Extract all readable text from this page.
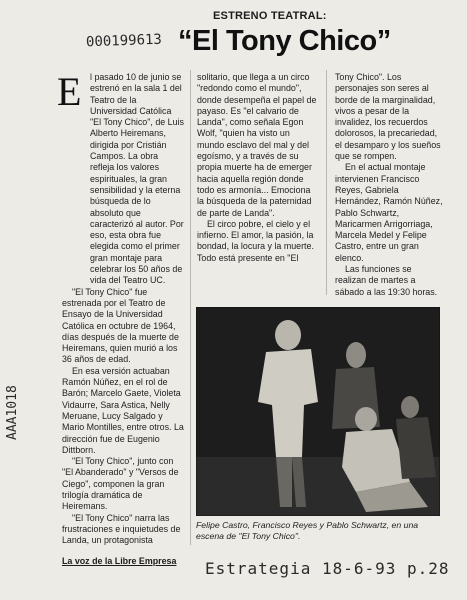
ESTRENO TEATRAL:
000199613 “El Tony Chico”
E l pasado 10 de junio se estrenó en la sala 1 del Teatro de la Universidad Católica "El Tony Chico", de Luis Alberto Heiremans, dirigida por Cristián Campos. La obra refleja los valores espirituales, la gran sensibilidad y la eterna búsqueda de lo absoluto que caracterizó al autor. Por eso, esta obra fue elegida como el primer gran montaje para celebrar los 50 años de vida del Teatro UC.

"El Tony Chico" fue estrenada por el Teatro de Ensayo de la Universidad Católica en octubre de 1964, días después de la muerte de Heiremans, quien murió a los 36 años de edad.

En esa versión actuaban Ramón Núñez, en el rol de Barón; Marcelo Gaete, Violeta Vidaurre, Sara Astica, Nelly Meruane, Lucy Salgado y Mario Montilles, entre otros. La dirección fue de Eugenio Dittborn.

"El Tony Chico", junto con "El Abanderado" y "Versos de Ciego", componen la gran trilogía dramática de Heiremans.

"El Tony Chico" narra las frustraciones e inquietudes de Landa, un protagonista

solitario, que llega a un circo "redondo como el mundo", donde desempeña el papel de payaso. Es "el calvario de Landa", como señala Egon Wolf, "quien ha visto un mundo esclavo del mal y del egoísmo, y a través de su propia muerte ha de emerger hacia aquella región donde todo es armonía... Emociona la búsqueda de la paternidad de parte de Landa".

El circo pobre, el cielo y el infierno. El amor, la pasión, la bondad, la locura y la muerte. Todo está presente en "El

Tony Chico". Los personajes son seres al borde de la marginalidad, vivos a pesar de la invalidez, los recuerdos dolorosos, la precariedad, el desamparo y los sueños que se rompen.

En el actual montaje intervienen Francisco Reyes, Gabriela Hernández, Ramón Núñez, Pablo Schwartz, Maricarmen Arrigorriaga, Marcela Medel y Felipe Castro, entre un gran elenco.

Las funciones se realizan de martes a sábado a las 19:30 horas.

Felipe Castro, Francisco Reyes y Pablo Schwartz, en una escena de "El Tony Chico".
La voz de la Libre Empresa Estrategia 18-6-93 p.28
AAA1018
